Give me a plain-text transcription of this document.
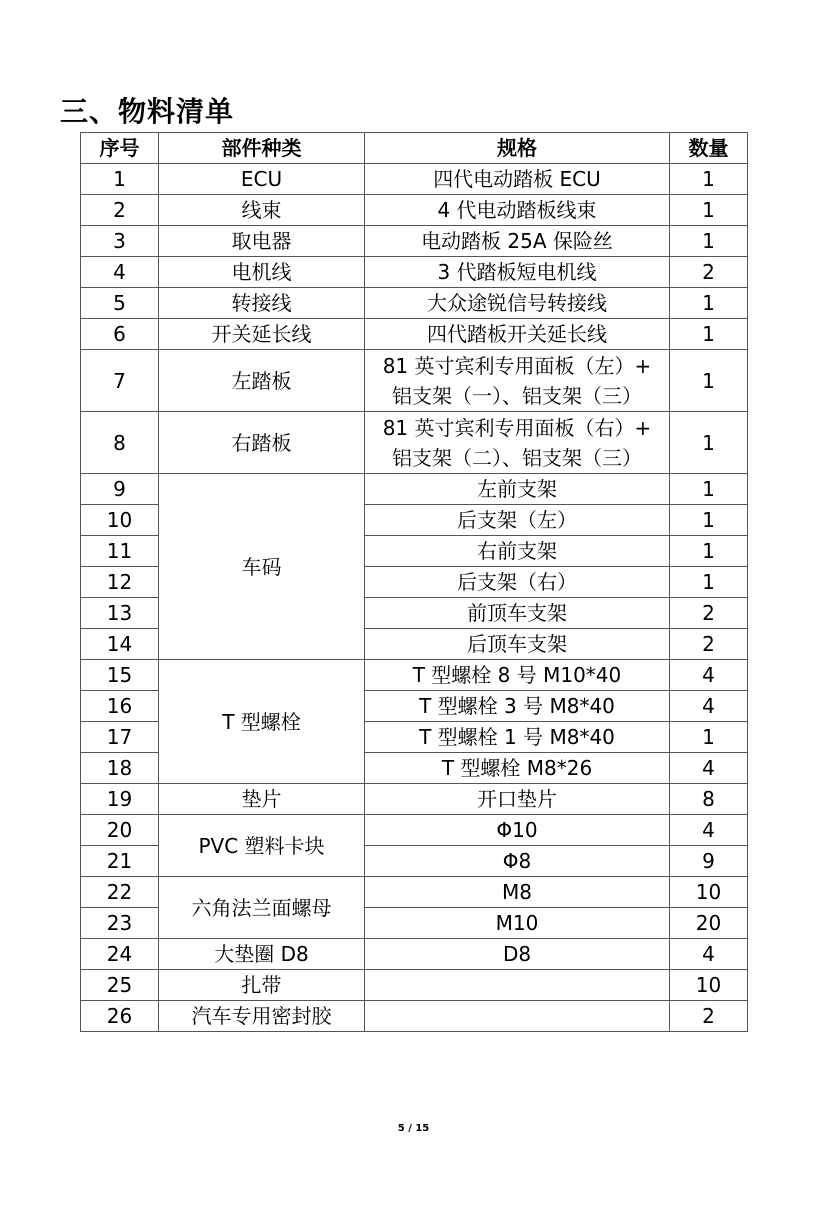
三、物料清单
序号	部件种类	规格	数量
1	ECU	四代电动踏板 ECU	1
2	线束	4 代电动踏板线束	1
3	取电器	电动踏板 25A 保险丝	1
4	电机线	3 代踏板短电机线	2
5	转接线	大众途锐信号转接线	1
6	开关延长线	四代踏板开关延长线	1
7	左踏板	81 英寸宾利专用面板（左）+
铝支架（一）、铝支架（三）	1
8	右踏板	81 英寸宾利专用面板（右）+
铝支架（二）、铝支架（三）	1
9	车码	左前支架	1
10		后支架（左）	1
11		右前支架	1
12		后支架（右）	1
13		前顶车支架	2
14		后顶车支架	2
15	T 型螺栓	T 型螺栓 8 号 M10*40	4
16		T 型螺栓 3 号 M8*40	4
17		T 型螺栓 1 号 M8*40	1
18		T 型螺栓 M8*26	4
19	垫片	开口垫片	8
20	PVC 塑料卡块	Φ10	4
21		Φ8	9
22	六角法兰面螺母	M8	10
23		M10	20
24	大垫圈 D8	D8	4
25	扎带		10
26	汽车专用密封胶		2
5 / 15
